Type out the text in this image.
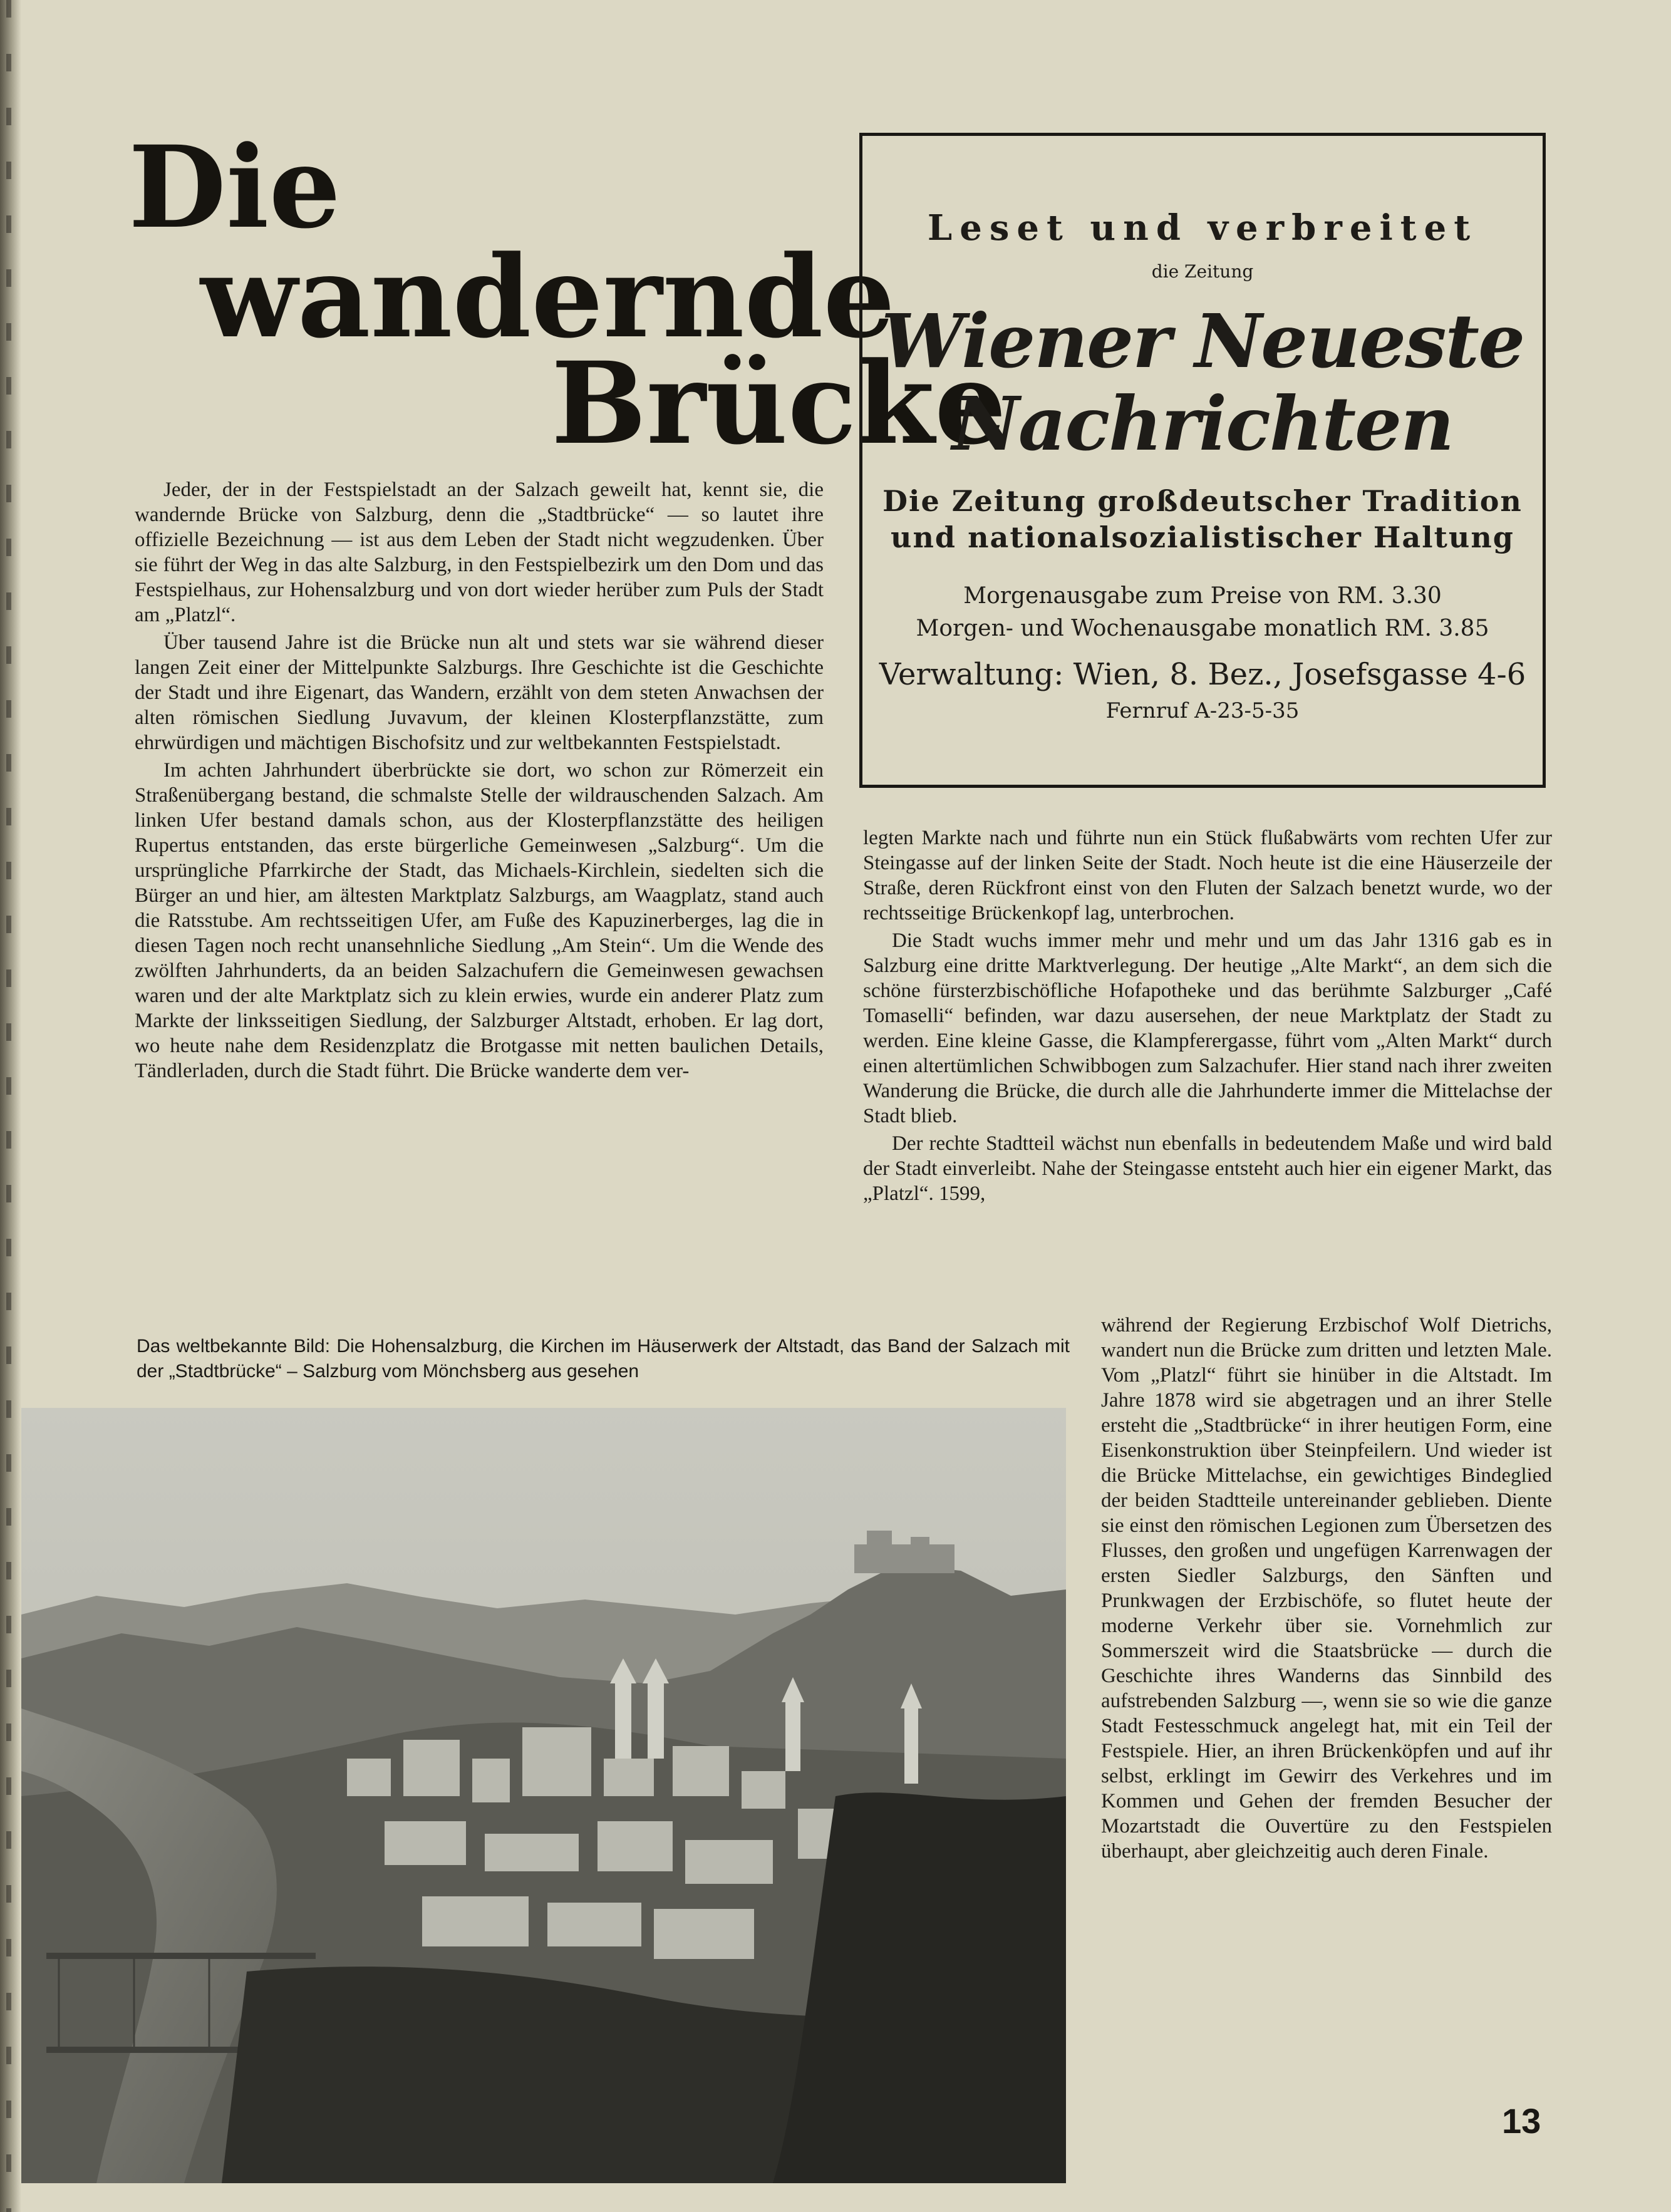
Die
wandernde
Brücke

Jeder, der in der Festspielstadt an der Salzach geweilt hat, kennt sie, die wandernde Brücke von Salzburg, denn die „Stadtbrücke“ — so lautet ihre offizielle Bezeichnung — ist aus dem Leben der Stadt nicht wegzudenken. Über sie führt der Weg in das alte Salzburg, in den Festspielbezirk um den Dom und das Festspielhaus, zur Hohensalzburg und von dort wieder herüber zum Puls der Stadt am „Platzl“.

Über tausend Jahre ist die Brücke nun alt und stets war sie während dieser langen Zeit einer der Mittelpunkte Salzburgs. Ihre Geschichte ist die Geschichte der Stadt und ihre Eigenart, das Wandern, erzählt von dem steten Anwachsen der alten römischen Siedlung Juvavum, der kleinen Klosterpflanzstätte, zum ehrwürdigen und mächtigen Bischofsitz und zur weltbekannten Festspielstadt.

Im achten Jahrhundert überbrückte sie dort, wo schon zur Römerzeit ein Straßenübergang bestand, die schmalste Stelle der wildrauschenden Salzach. Am linken Ufer bestand damals schon, aus der Klosterpflanzstätte des heiligen Rupertus entstanden, das erste bürgerliche Gemeinwesen „Salzburg“. Um die ursprüngliche Pfarrkirche der Stadt, das Michaels-Kirchlein, siedelten sich die Bürger an und hier, am ältesten Marktplatz Salzburgs, am Waagplatz, stand auch die Ratsstube. Am rechtsseitigen Ufer, am Fuße des Kapuzinerberges, lag die in diesen Tagen noch recht unansehnliche Siedlung „Am Stein“. Um die Wende des zwölften Jahrhunderts, da an beiden Salzachufern die Gemeinwesen gewachsen waren und der alte Marktplatz sich zu klein erwies, wurde ein anderer Platz zum Markte der linksseitigen Siedlung, der Salzburger Altstadt, erhoben. Er lag dort, wo heute nahe dem Residenzplatz die Brotgasse mit netten baulichen Details, Tändlerladen, durch die Stadt führt. Die Brücke wanderte dem ver-

Leset und verbreitet
die Zeitung
Wiener Neueste
Nachrichten
Die Zeitung großdeutscher Tradition
und nationalsozialistischer Haltung
Morgenausgabe zum Preise von RM. 3.30
Morgen- und Wochenausgabe monatlich RM. 3.85
Verwaltung: Wien, 8. Bez., Josefsgasse 4-6
Fernruf A-23-5-35

legten Markte nach und führte nun ein Stück flußabwärts vom rechten Ufer zur Steingasse auf der linken Seite der Stadt. Noch heute ist die eine Häuserzeile der Straße, deren Rückfront einst von den Fluten der Salzach benetzt wurde, wo der rechtsseitige Brückenkopf lag, unterbrochen.

Die Stadt wuchs immer mehr und mehr und um das Jahr 1316 gab es in Salzburg eine dritte Marktverlegung. Der heutige „Alte Markt“, an dem sich die schöne fürsterzbischöfliche Hofapotheke und das berühmte Salzburger „Café Tomaselli“ befinden, war dazu ausersehen, der neue Marktplatz der Stadt zu werden. Eine kleine Gasse, die Klampferergasse, führt vom „Alten Markt“ durch einen altertümlichen Schwibbogen zum Salzachufer. Hier stand nach ihrer zweiten Wanderung die Brücke, die durch alle die Jahrhunderte immer die Mittelachse der Stadt blieb.

Der rechte Stadtteil wächst nun ebenfalls in bedeutendem Maße und wird bald der Stadt einverleibt. Nahe der Steingasse entsteht auch hier ein eigener Markt, das „Platzl“. 1599,

während der Regierung Erzbischof Wolf Dietrichs, wandert nun die Brücke zum dritten und letzten Male. Vom „Platzl“ führt sie hinüber in die Altstadt. Im Jahre 1878 wird sie abgetragen und an ihrer Stelle ersteht die „Stadtbrücke“ in ihrer heutigen Form, eine Eisenkonstruktion über Steinpfeilern. Und wieder ist die Brücke Mittelachse, ein gewichtiges Bindeglied der beiden Stadtteile untereinander geblieben. Diente sie einst den römischen Legionen zum Übersetzen des Flusses, den großen und ungefügen Karrenwagen der ersten Siedler Salzburgs, den Sänften und Prunkwagen der Erzbischöfe, so flutet heute der moderne Verkehr über sie. Vornehmlich zur Sommerszeit wird die Staatsbrücke — durch die Geschichte ihres Wanderns das Sinnbild des aufstrebenden Salzburg —, wenn sie so wie die ganze Stadt Festesschmuck angelegt hat, mit ein Teil der Festspiele. Hier, an ihren Brückenköpfen und auf ihr selbst, erklingt im Gewirr des Verkehres und im Kommen und Gehen der fremden Besucher der Mozartstadt die Ouvertüre zu den Festspielen überhaupt, aber gleichzeitig auch deren Finale.

Das weltbekannte Bild: Die Hohensalzburg, die Kirchen im Häuserwerk der Altstadt, das Band der Salzach mit der „Stadtbrücke“ – Salzburg vom Mönchsberg aus gesehen
13
